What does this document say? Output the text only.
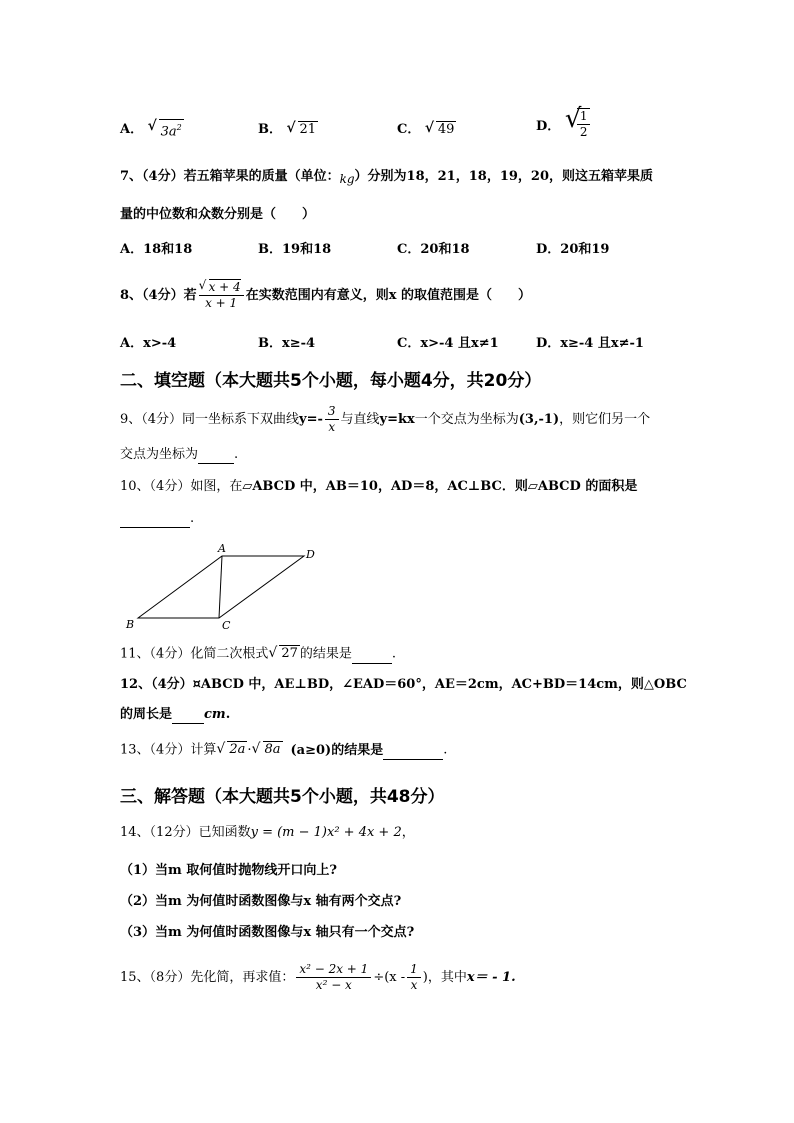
A． √ $3a^2$	B． √ 21	C． √ 49	D． √
$\frac{1}{2}$
7、（4分）若五箱苹果的质量（单位：kg）分别为18，21，18，19，20，则这五箱苹果质
量的中位数和众数分别是（　　）
A．18和18	B．19和18	C．20和18	D．20和19
8、（4分）若 $\frac{√ x + 4}{x + 1}$ 在实数范围内有意义，则x 的取值范围是（　　）
A．x>-4	B．x≥-4	C．x>-4 且x≠1	D．x≥-4 且x≠-1
二、填空题（本大题共5个小题，每小题4分，共20分）
9、（4分）同一坐标系下双曲线$y=- \frac{3}{x}$ 与直线y=kx一个交点为坐标为(3,-1)，则它们另一个
交点为坐标为	.
10、（4分）如图，在▱ABCD 中，AB＝10，AD＝8，AC⊥BC．则▱ABCD 的面积是
.
A	D
B	C
11、（4分）化简二次根式 √ 27 的结果是	.
12、（4分）¤ABCD 中，AE⊥BD，∠EAD＝60°，AE＝2cm，AC+BD＝14cm，则△OBC
的周长是 cm.
13、（4分）计算 √ 2a · √ 8a (a≥0)的结果是	.
三、解答题（本大题共5个小题，共48分）
14、（12分）已知函数y = (m − 1)x² + 4x + 2，
（1）当m 取何值时抛物线开口向上?
（2）当m 为何值时函数图像与x 轴有两个交点?
（3）当m 为何值时函数图像与x 轴只有一个交点?
15、（8分）先化简，再求值： $\frac{\text{x² − 2x + 1}}{\text{x² − x}} \div(x - \frac{1}{x}$ )，其中x＝ - 1.
